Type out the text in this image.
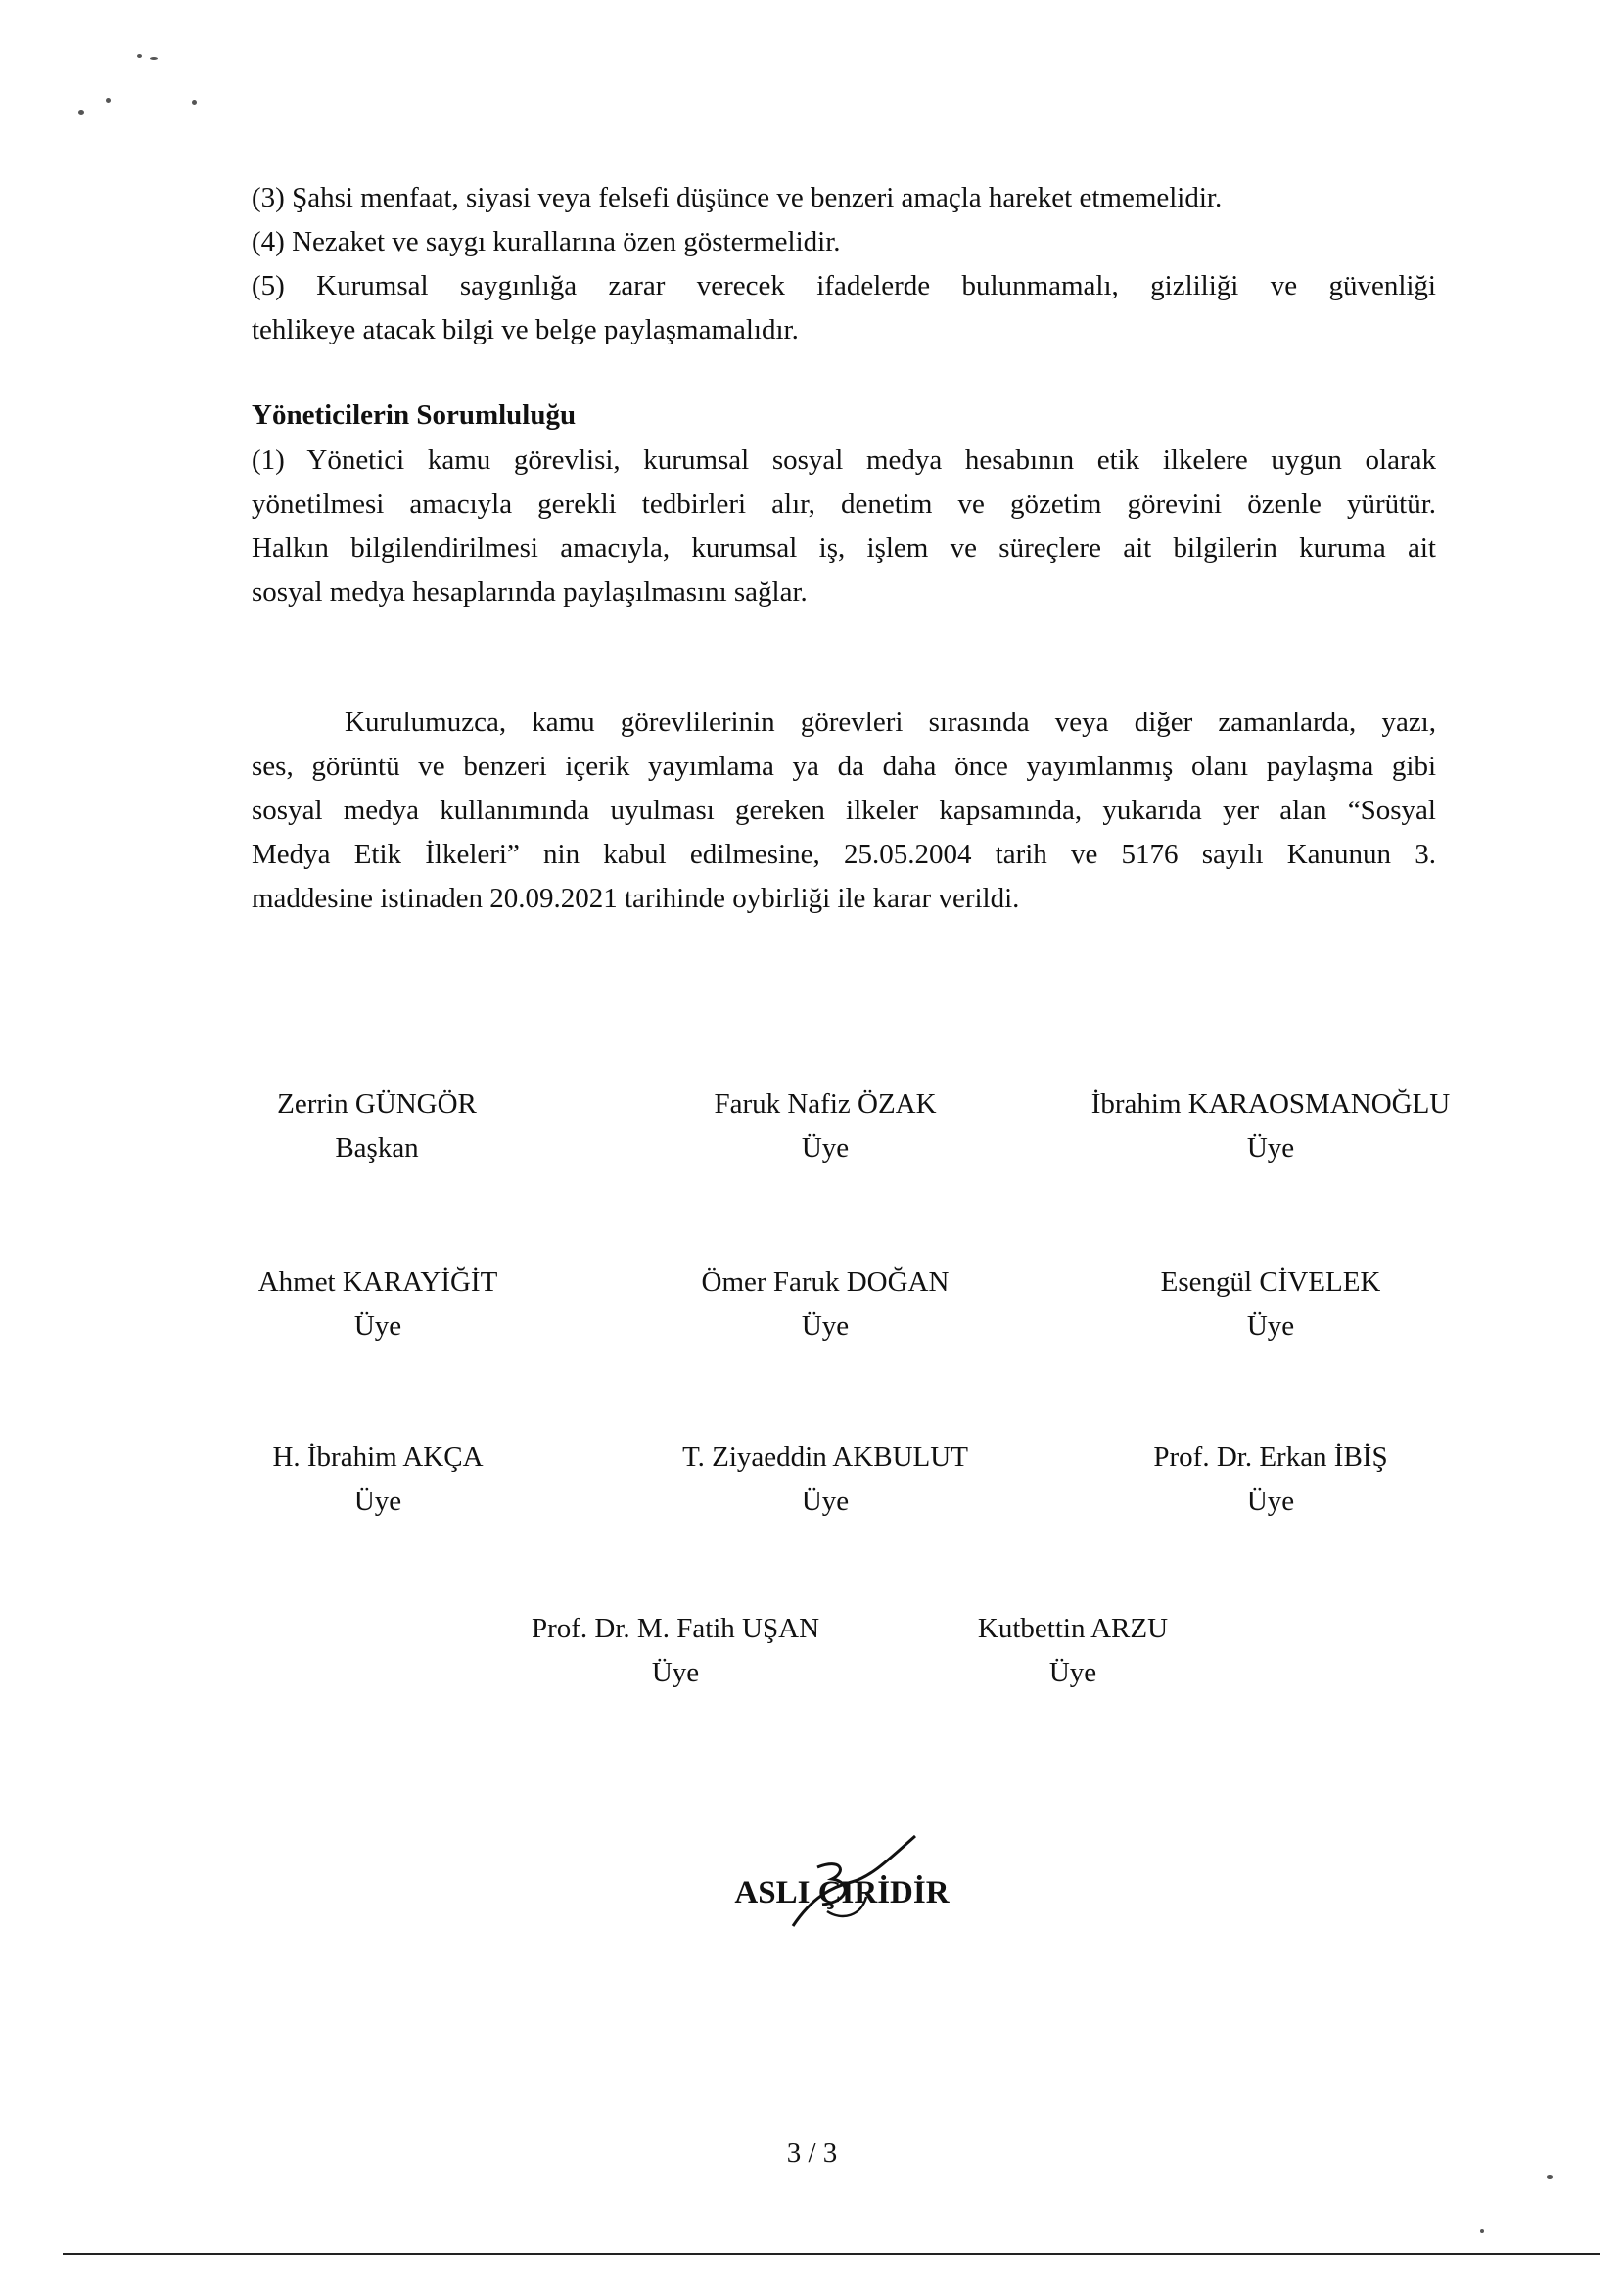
(3) Şahsi menfaat, siyasi veya felsefi düşünce ve benzeri amaçla hareket etmemelidir.

(4) Nezaket ve saygı kurallarına özen göstermelidir.

(5) Kurumsal saygınlığa zarar verecek ifadelerde bulunmamalı, gizliliği ve güvenliği

tehlikeye atacak bilgi ve belge paylaşmamalıdır.

Yöneticilerin Sorumluluğu

(1) Yönetici kamu görevlisi, kurumsal sosyal medya hesabının etik ilkelere uygun olarak

yönetilmesi amacıyla gerekli tedbirleri alır, denetim ve gözetim görevini özenle yürütür.

Halkın bilgilendirilmesi amacıyla, kurumsal iş, işlem ve süreçlere ait bilgilerin kuruma ait

sosyal medya hesaplarında paylaşılmasını sağlar.

Kurulumuzca, kamu görevlilerinin görevleri sırasında veya diğer zamanlarda, yazı,

ses, görüntü ve benzeri içerik yayımlama ya da daha önce yayımlanmış olanı paylaşma gibi

sosyal medya kullanımında uyulması gereken ilkeler kapsamında, yukarıda yer alan “Sosyal

Medya Etik İlkeleri” nin kabul edilmesine, 25.05.2004 tarih ve 5176 sayılı Kanunun 3.

maddesine istinaden 20.09.2021 tarihinde oybirliği ile karar verildi.

Zerrin GÜNGÖR
Başkan
Faruk Nafiz ÖZAK
Üye
İbrahim KARAOSMANOĞLU
Üye
Ahmet KARAYİĞİT
Üye
Ömer Faruk DOĞAN
Üye
Esengül CİVELEK
Üye
H. İbrahim AKÇA
Üye
T. Ziyaeddin AKBULUT
Üye
Prof. Dr. Erkan İBİŞ
Üye
Prof. Dr. M. Fatih UŞAN
Üye
Kutbettin ARZU
Üye
ASLI ÇIRİDİR
3 / 3
